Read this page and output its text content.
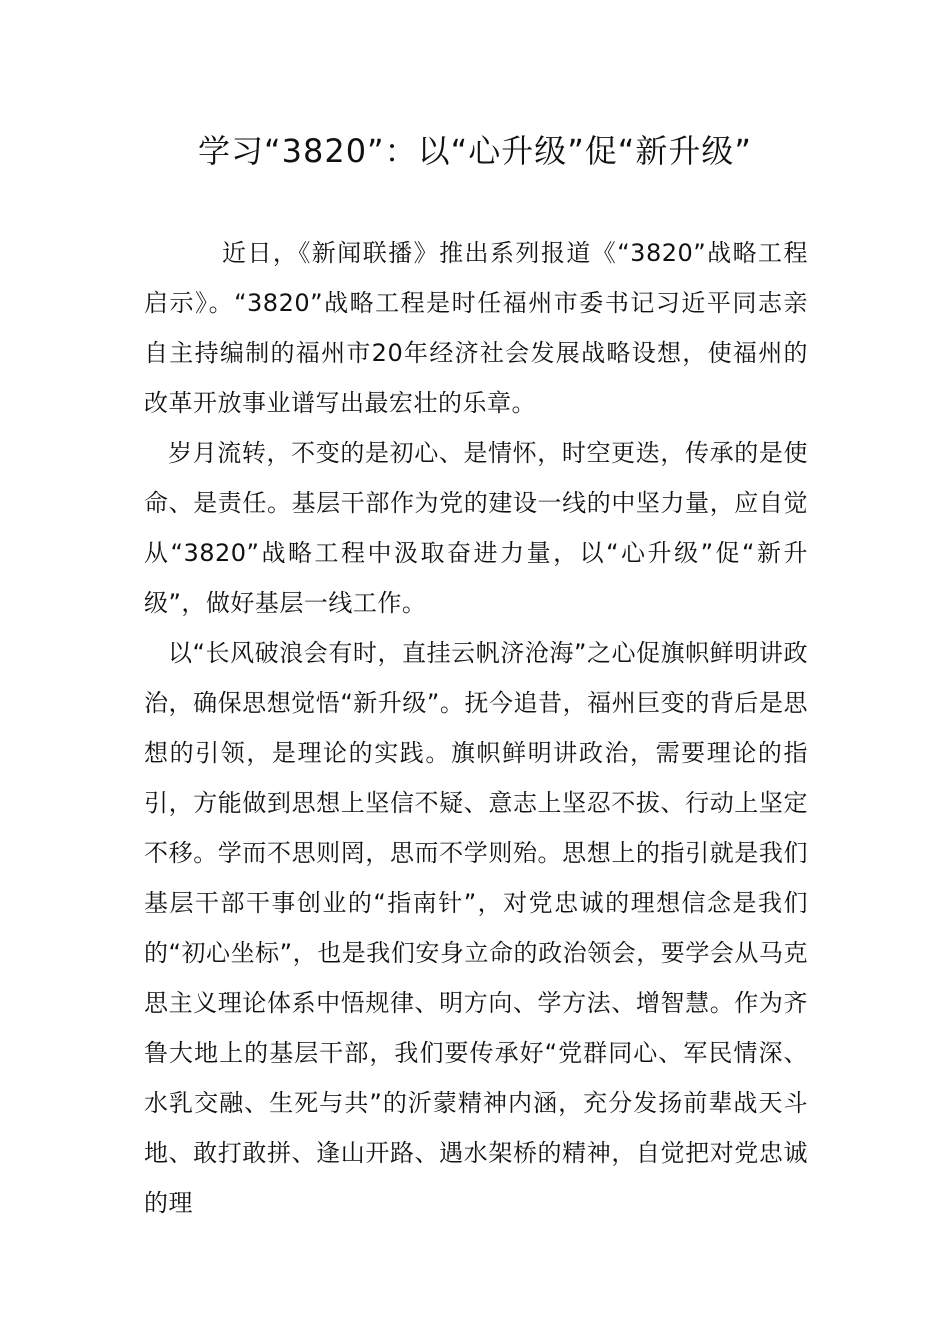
学习“3820”：以“心升级”促“新升级”

近日，《新闻联播》推出系列报道《“3820”战略工程启示》。“3820”战略工程是时任福州市委书记习近平同志亲自主持编制的福州市20年经济社会发展战略设想，使福州的改革开放事业谱写出最宏壮的乐章。

岁月流转，不变的是初心、是情怀，时空更迭，传承的是使命、是责任。基层干部作为党的建设一线的中坚力量，应自觉从“3820”战略工程中汲取奋进力量，以“心升级”促“新升级”，做好基层一线工作。

以“长风破浪会有时，直挂云帆济沧海”之心促旗帜鲜明讲政治，确保思想觉悟“新升级”。抚今追昔，福州巨变的背后是思想的引领，是理论的实践。旗帜鲜明讲政治，需要理论的指引，方能做到思想上坚信不疑、意志上坚忍不拔、行动上坚定不移。学而不思则罔，思而不学则殆。思想上的指引就是我们基层干部干事创业的“指南针”，对党忠诚的理想信念是我们的“初心坐标”，也是我们安身立命的政治领会，要学会从马克思主义理论体系中悟规律、明方向、学方法、增智慧。作为齐鲁大地上的基层干部，我们要传承好“党群同心、军民情深、水乳交融、生死与共”的沂蒙精神内涵，充分发扬前辈战天斗地、敢打敢拼、逢山开路、遇水架桥的精神，自觉把对党忠诚的理
